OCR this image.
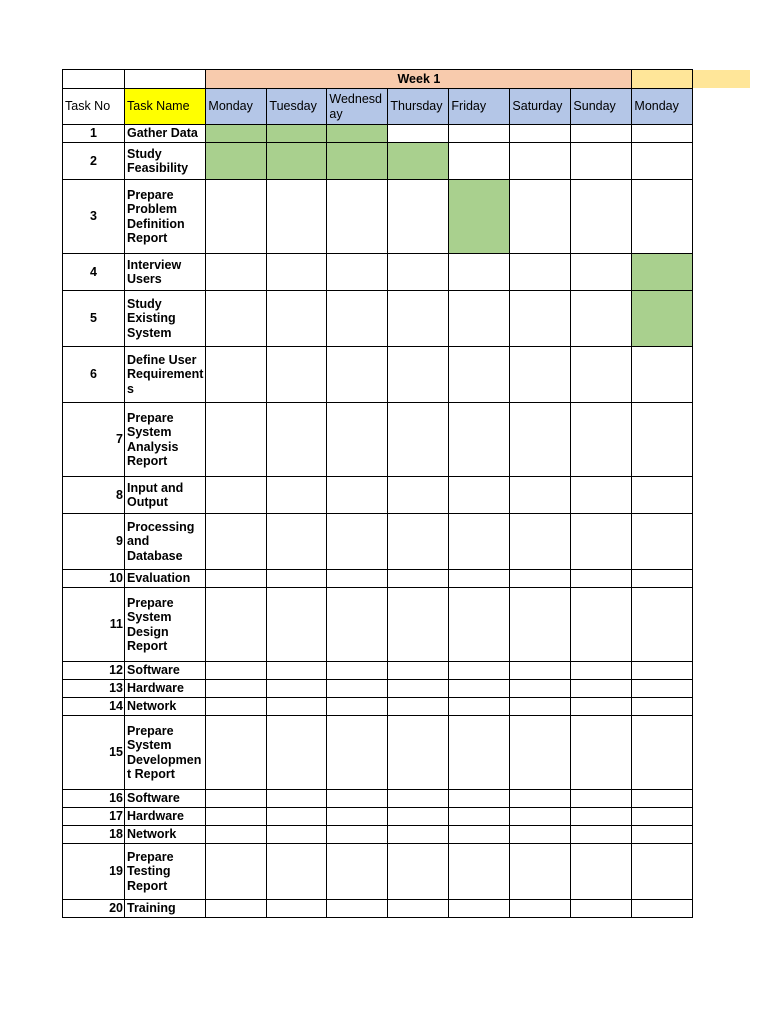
		Week 1							
Task No	Task Name	Monday	Tuesday	Wednesd
ay	Thursday	Friday	Saturday	Sunday	Monday
1	Gather Data								
2	Study
Feasibility								
3	Prepare
Problem
Definition
Report								
4	Interview
Users								
5	Study
Existing
System								
6	Define User
Requirement
s								
7	Prepare
System
Analysis
Report								
8	Input and
Output								
9	Processing
and
Database								
10	Evaluation								
11	Prepare
System
Design
Report								
12	Software								
13	Hardware								
14	Network								
15	Prepare
System
Developmen
t Report								
16	Software								
17	Hardware								
18	Network								
19	Prepare
Testing
Report								
20	Training								
